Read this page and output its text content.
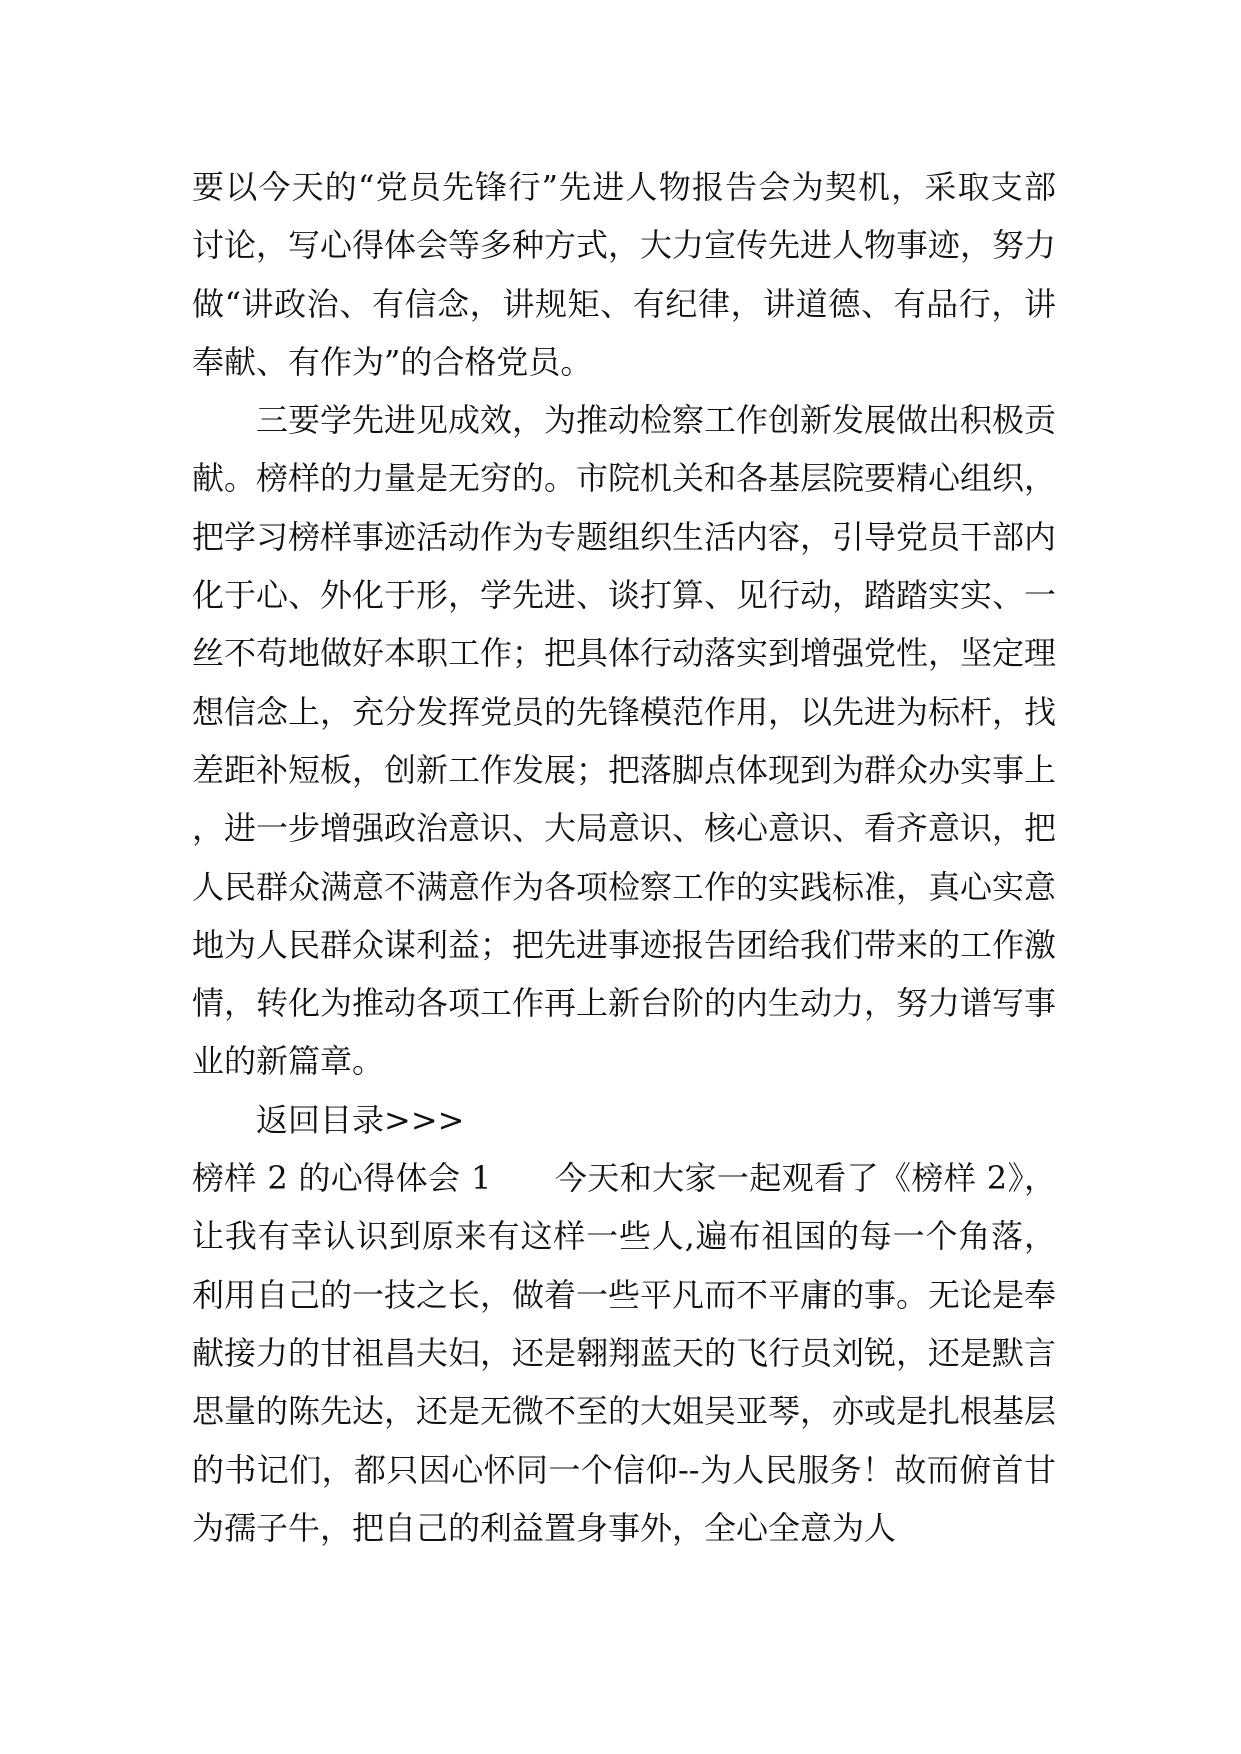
要以今天的“党员先锋行”先进人物报告会为契机，采取支部讨论，写心得体会等多种方式，大力宣传先进人物事迹，努力做“讲政治、有信念，讲规矩、有纪律，讲道德、有品行，讲奉献、有作为”的合格党员。

三要学先进见成效，为推动检察工作创新发展做出积极贡献。榜样的力量是无穷的。市院机关和各基层院要精心组织，把学习榜样事迹活动作为专题组织生活内容，引导党员干部内化于心、外化于形，学先进、谈打算、见行动，踏踏实实、一丝不苟地做好本职工作；把具体行动落实到增强党性，坚定理想信念上，充分发挥党员的先锋模范作用，以先进为标杆，找差距补短板，创新工作发展；把落脚点体现到为群众办实事上，进一步增强政治意识、大局意识、核心意识、看齐意识，把人民群众满意不满意作为各项检察工作的实践标准，真心实意地为人民群众谋利益；把先进事迹报告团给我们带来的工作激情，转化为推动各项工作再上新台阶的内生动力，努力谱写事业的新篇章。

返回目录>>>

榜样 2 的心得体会 1 今天和大家一起观看了《榜样 2》，让我有幸认识到原来有这样一些人,遍布祖国的每一个角落，利用自己的一技之长，做着一些平凡而不平庸的事。无论是奉献接力的甘祖昌夫妇，还是翱翔蓝天的飞行员刘锐，还是默言思量的陈先达，还是无微不至的大姐吴亚琴，亦或是扎根基层的书记们，都只因心怀同一个信仰--为人民服务！故而俯首甘为孺子牛，把自己的利益置身事外，全心全意为人
